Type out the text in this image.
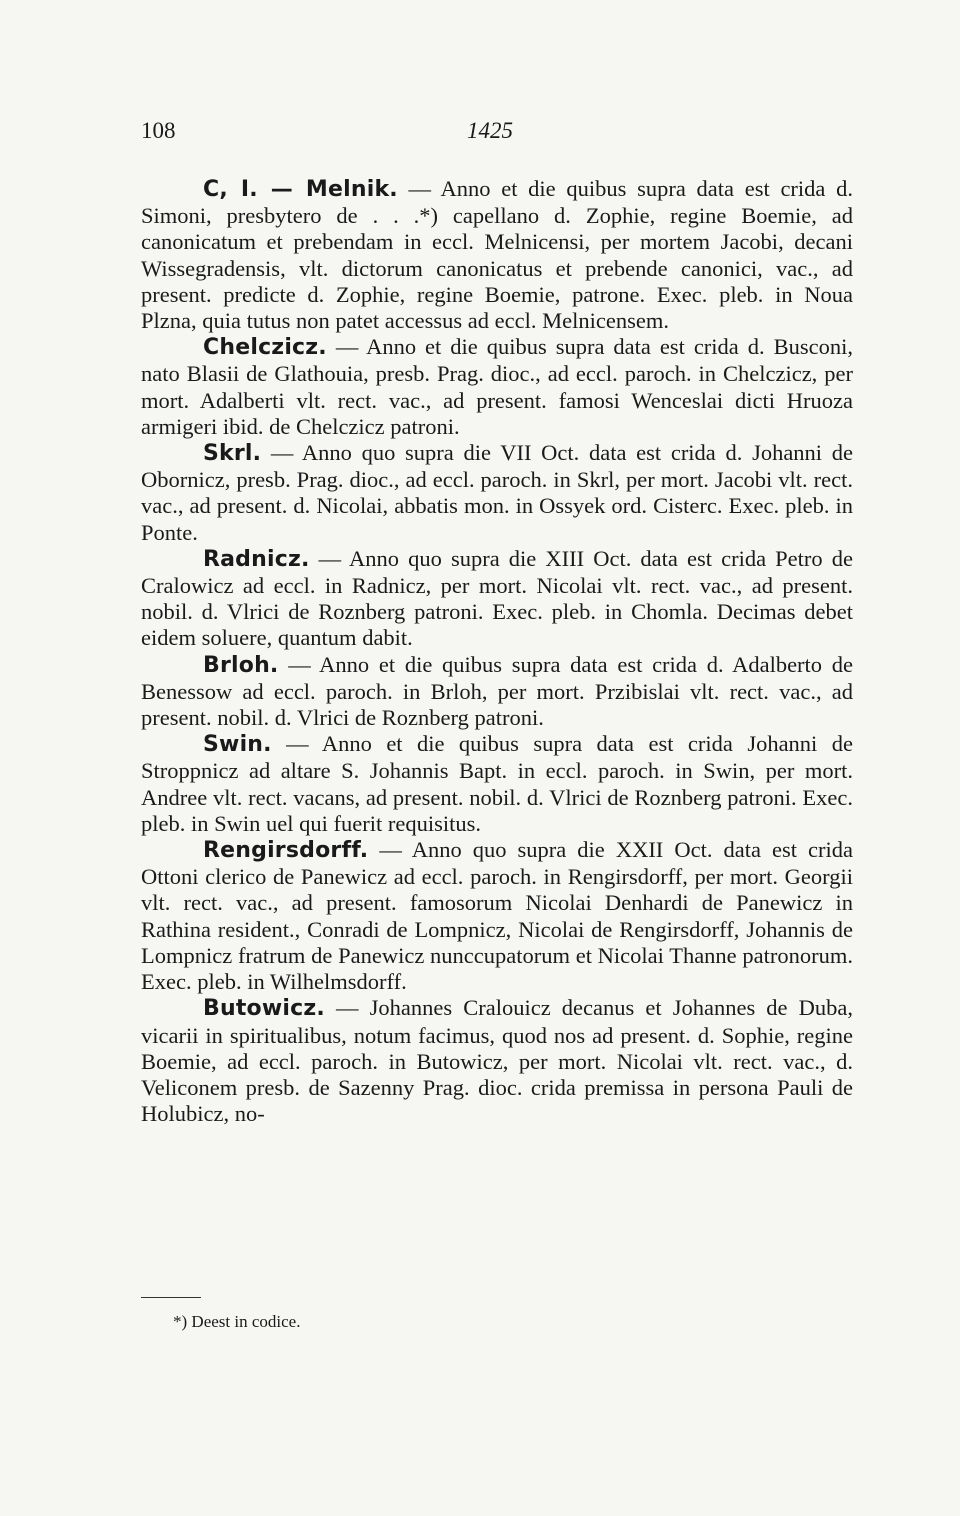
108	1425

C, I. — Melnik. — Anno et die quibus supra data est crida d. Simoni, presbytero de . . .*) capellano d. Zophie, regine Boemie, ad canonicatum et prebendam in eccl. Melnicensi, per mortem Jacobi, decani Wissegradensis, vlt. dictorum canonicatus et prebende canonici, vac., ad present. predicte d. Zophie, regine Boemie, patrone. Exec. pleb. in Noua Plzna, quia tutus non patet accessus ad eccl. Melnicensem.

Chelczicz. — Anno et die quibus supra data est crida d. Busconi, nato Blasii de Glathouia, presb. Prag. dioc., ad eccl. paroch. in Chelczicz, per mort. Adalberti vlt. rect. vac., ad present. famosi Wenceslai dicti Hruoza armigeri ibid. de Chelczicz patroni.

Skrl. — Anno quo supra die VII Oct. data est crida d. Johanni de Obornicz, presb. Prag. dioc., ad eccl. paroch. in Skrl, per mort. Jacobi vlt. rect. vac., ad present. d. Nicolai, abbatis mon. in Ossyek ord. Cisterc. Exec. pleb. in Ponte.

Radnicz. — Anno quo supra die XIII Oct. data est crida Petro de Cralowicz ad eccl. in Radnicz, per mort. Nicolai vlt. rect. vac., ad present. nobil. d. Vlrici de Roznberg patroni. Exec. pleb. in Chomla. Decimas debet eidem soluere, quantum dabit.

Brloh. — Anno et die quibus supra data est crida d. Adalberto de Benessow ad eccl. paroch. in Brloh, per mort. Przibislai vlt. rect. vac., ad present. nobil. d. Vlrici de Roznberg patroni.

Swin. — Anno et die quibus supra data est crida Johanni de Stroppnicz ad altare S. Johannis Bapt. in eccl. paroch. in Swin, per mort. Andree vlt. rect. vacans, ad present. nobil. d. Vlrici de Roznberg patroni. Exec. pleb. in Swin uel qui fuerit requisitus.

Rengirsdorff. — Anno quo supra die XXII Oct. data est crida Ottoni clerico de Panewicz ad eccl. paroch. in Rengirsdorff, per mort. Georgii vlt. rect. vac., ad present. famosorum Nicolai Denhardi de Panewicz in Rathina resident., Conradi de Lompnicz, Nicolai de Rengirsdorff, Johannis de Lompnicz fratrum de Panewicz nunccupatorum et Nicolai Thanne patronorum. Exec. pleb. in Wilhelmsdorff.

Butowicz. — Johannes Cralouicz decanus et Johannes de Duba, vicarii in spiritualibus, notum facimus, quod nos ad present. d. Sophie, regine Boemie, ad eccl. paroch. in Butowicz, per mort. Nicolai vlt. rect. vac., d. Veliconem presb. de Sazenny Prag. dioc. crida premissa in persona Pauli de Holubicz, no-

*) Deest in codice.
